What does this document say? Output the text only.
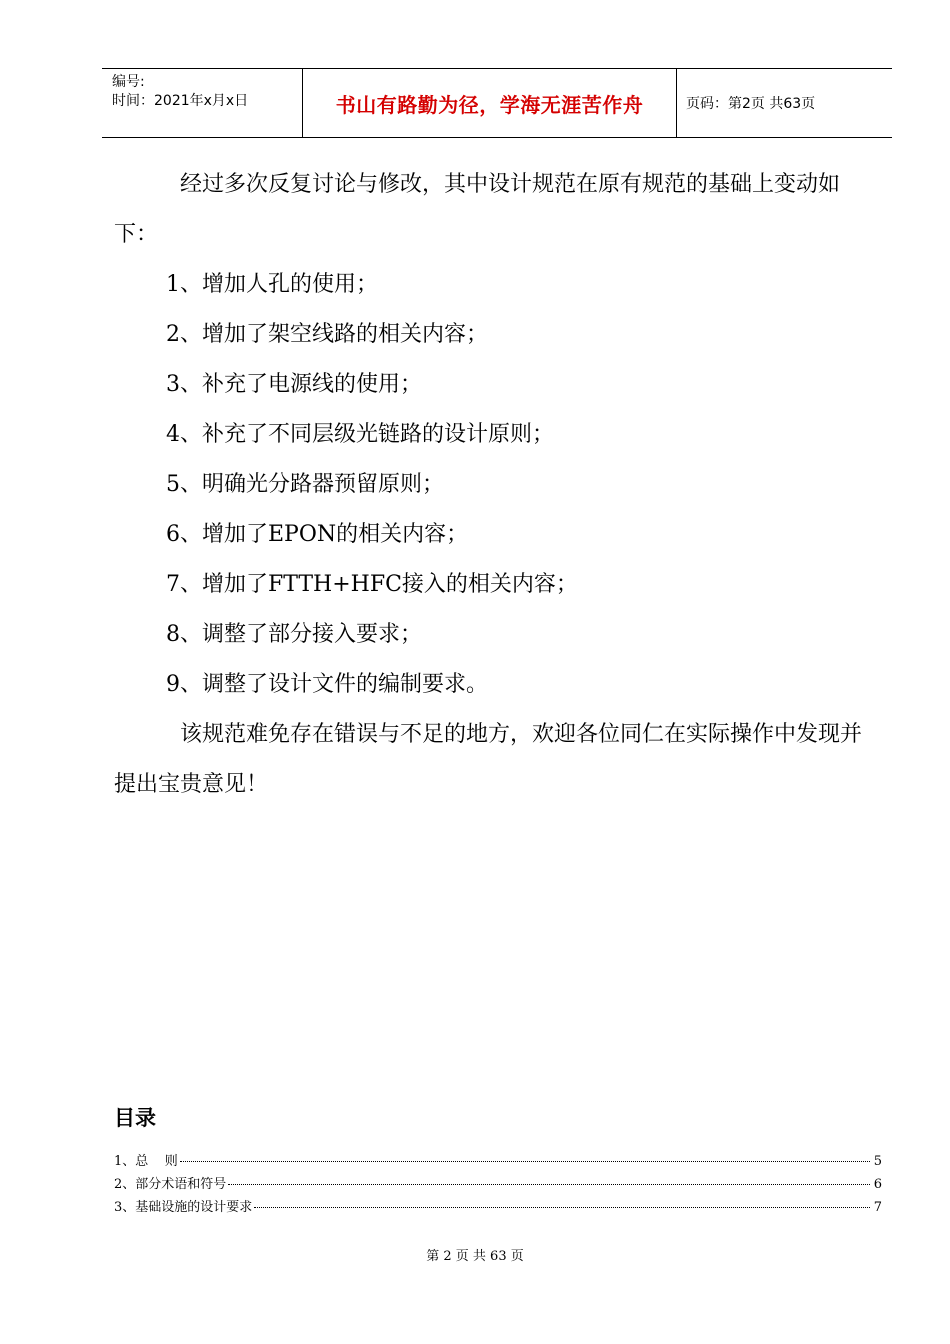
编号:
时间：2021年x月x日	书山有路勤为径，学海无涯苦作舟	页码：第2页 共63页

经过多次反复讨论与修改，其中设计规范在原有规范的基础上变动如下：

1、增加人孔的使用；

2、增加了架空线路的相关内容；

3、补充了电源线的使用；

4、补充了不同层级光链路的设计原则；

5、明确光分路器预留原则；

6、增加了EPON的相关内容；

7、增加了FTTH+HFC接入的相关内容；

8、调整了部分接入要求；

9、调整了设计文件的编制要求。

该规范难免存在错误与不足的地方，欢迎各位同仁在实际操作中发现并提出宝贵意见！

目录
1、总    则	5
2、部分术语和符号	6
3、基础设施的设计要求	7
第 2 页 共 63 页
